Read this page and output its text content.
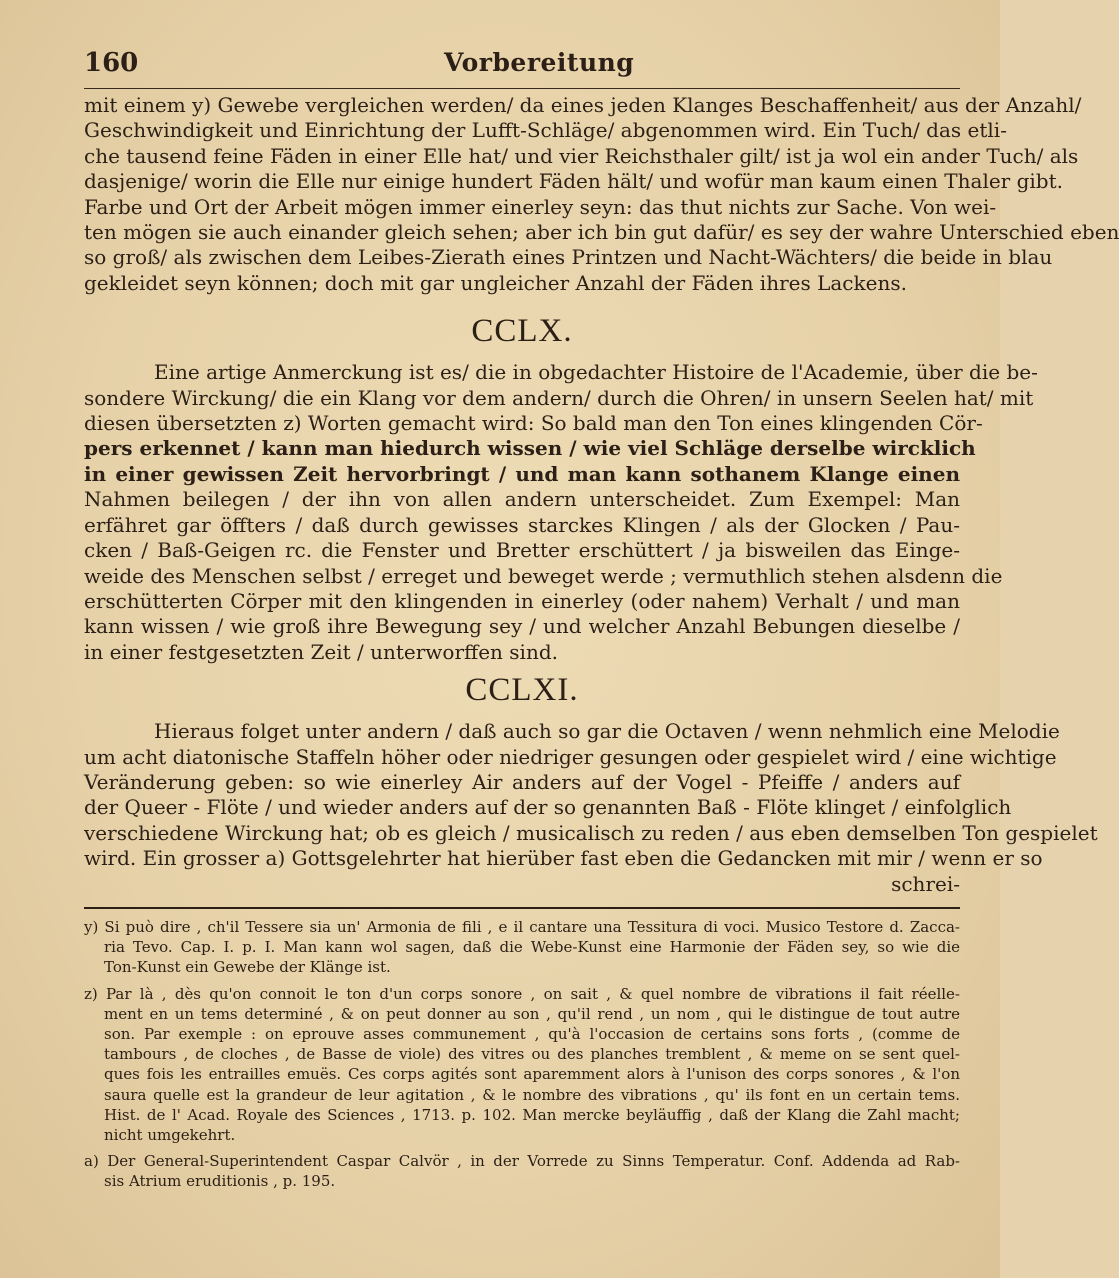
160	Vorbereitung
mit einem y) Gewebe vergleichen werden/ da eines jeden Klanges Beschaffenheit/ aus der Anzahl/
Geschwindigkeit und Einrichtung der Lufft-Schläge/ abgenommen wird. Ein Tuch/ das etli-
che tausend feine Fäden in einer Elle hat/ und vier Reichsthaler gilt/ ist ja wol ein ander Tuch/ als
dasjenige/ worin die Elle nur einige hundert Fäden hält/ und wofür man kaum einen Thaler gibt.
Farbe und Ort der Arbeit mögen immer einerley seyn: das thut nichts zur Sache. Von wei-
ten mögen sie auch einander gleich sehen; aber ich bin gut dafür/ es sey der wahre Unterschied eben
so groß/ als zwischen dem Leibes-Zierath eines Printzen und Nacht-Wächters/ die beide in blau
gekleidet seyn können; doch mit gar ungleicher Anzahl der Fäden ihres Lackens.
CCLX.
Eine artige Anmerckung ist es/ die in obgedachter Histoire de l'Academie, über die be-
sondere Wirckung/ die ein Klang vor dem andern/ durch die Ohren/ in unsern Seelen hat/ mit
diesen übersetzten z) Worten gemacht wird: So bald man den Ton eines klingenden Cör-
pers erkennet / kann man hiedurch wissen / wie viel Schläge derselbe wircklich
in einer gewissen Zeit hervorbringt / und man kann sothanem Klange einen
Nahmen beilegen / der ihn von allen andern unterscheidet. Zum Exempel: Man
erfähret gar öffters / daß durch gewisses starckes Klingen / als der Glocken / Pau-
cken / Baß-Geigen rc. die Fenster und Bretter erschüttert / ja bisweilen das Einge-
weide des Menschen selbst / erreget und beweget werde ; vermuthlich stehen alsdenn die
erschütterten Cörper mit den klingenden in einerley (oder nahem) Verhalt / und man
kann wissen / wie groß ihre Bewegung sey / und welcher Anzahl Bebungen dieselbe /
in einer festgesetzten Zeit / unterworffen sind.
CCLXI.
Hieraus folget unter andern / daß auch so gar die Octaven / wenn nehmlich eine Melodie
um acht diatonische Staffeln höher oder niedriger gesungen oder gespielet wird / eine wichtige
Veränderung geben: so wie einerley Air anders auf der Vogel - Pfeiffe / anders auf
der Queer - Flöte / und wieder anders auf der so genannten Baß - Flöte klinget / einfolglich
verschiedene Wirckung hat; ob es gleich / musicalisch zu reden / aus eben demselben Ton gespielet
wird. Ein grosser a) Gottsgelehrter hat hierüber fast eben die Gedancken mit mir / wenn er so
schrei-
y) Si può dire , ch'il Tessere sia un' Armonia de fili , e il cantare una Tessitura di voci. Musico Testore d. Zacca-
ria Tevo. Cap. I. p. I. Man kann wol sagen, daß die Webe-Kunst eine Harmonie der Fäden sey, so wie die
Ton-Kunst ein Gewebe der Klänge ist.
z) Par là , dès qu'on connoit le ton d'un corps sonore , on sait , & quel nombre de vibrations il fait réelle-
ment en un tems determiné , & on peut donner au son , qu'il rend , un nom , qui le distingue de tout autre
son. Par exemple : on eprouve asses communement , qu'à l'occasion de certains sons forts , (comme de
tambours , de cloches , de Basse de viole) des vitres ou des planches tremblent , & meme on se sent quel-
ques fois les entrailles emuës. Ces corps agités sont aparemment alors à l'unison des corps sonores , & l'on
saura quelle est la grandeur de leur agitation , & le nombre des vibrations , qu' ils font en un certain tems.
Hist. de l' Acad. Royale des Sciences , 1713. p. 102. Man mercke beyläuffig , daß der Klang die Zahl macht;
nicht umgekehrt.
a) Der General-Superintendent Caspar Calvör , in der Vorrede zu Sinns Temperatur. Conf. Addenda ad Rab-
sis Atrium eruditionis , p. 195.
